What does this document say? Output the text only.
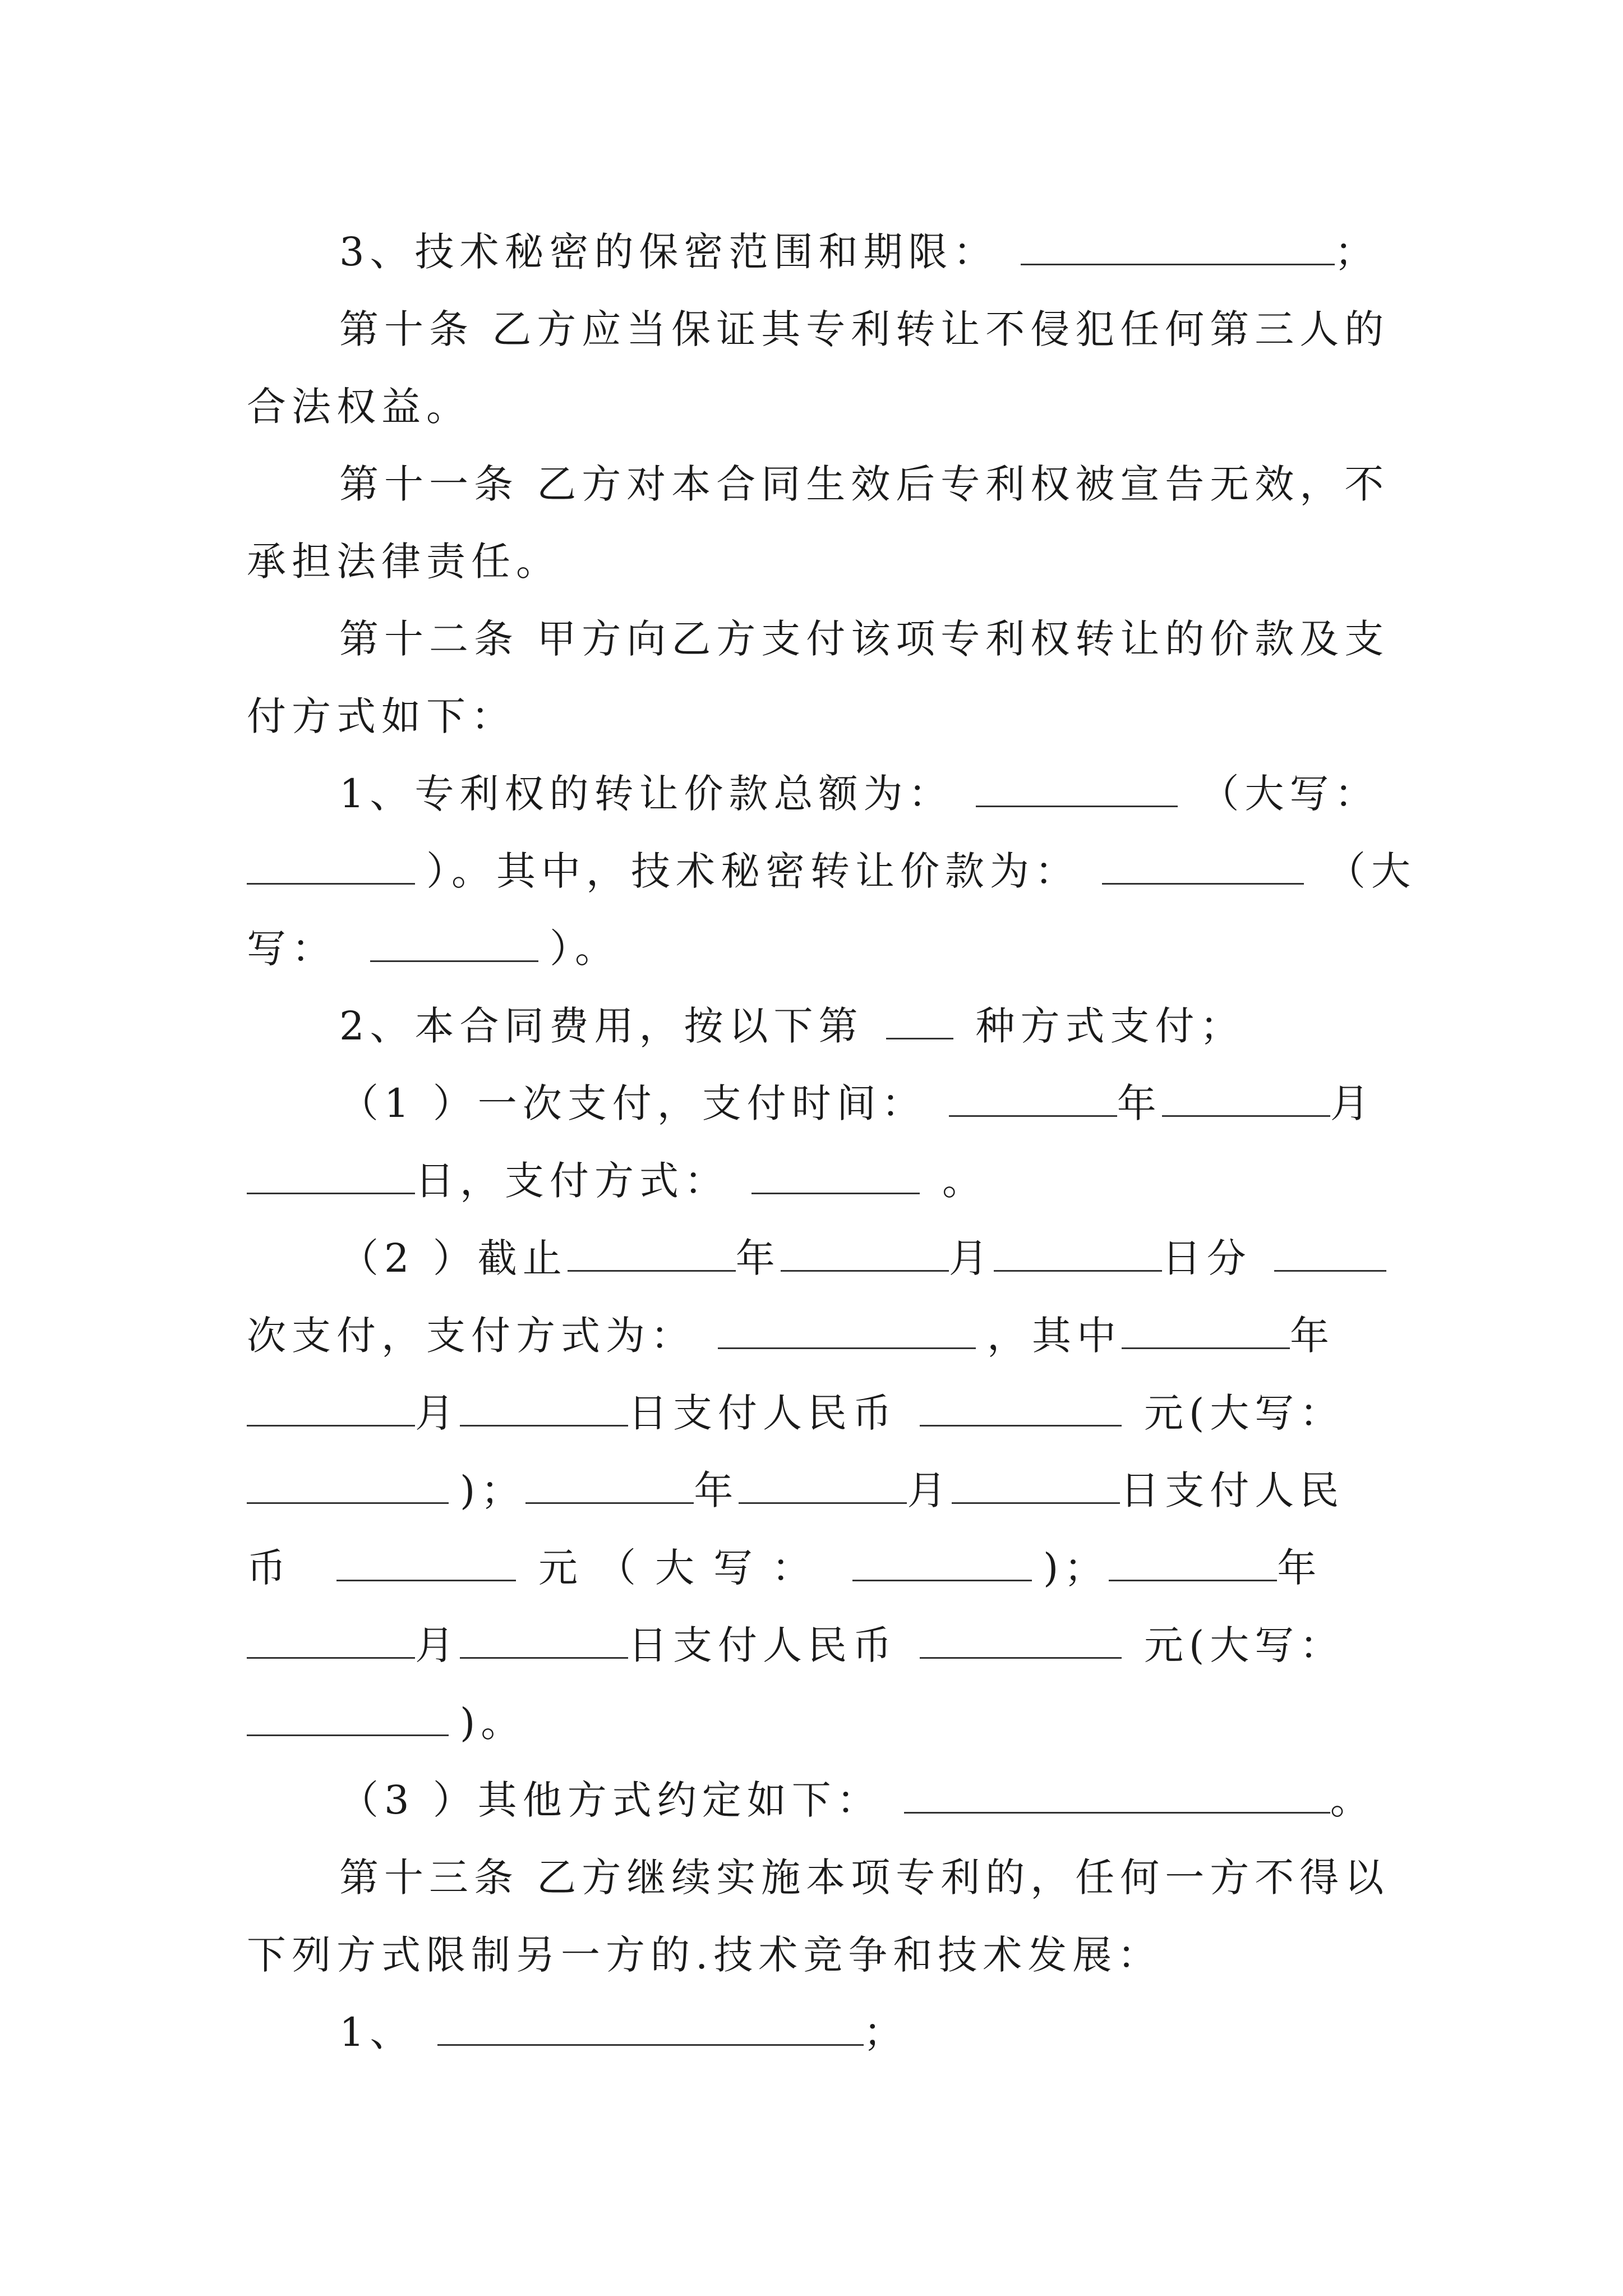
3、技术秘密的保密范围和期限：	；
第十条 乙方应当保证其专利转让不侵犯任何第三人的
合法权益。
第十一条 乙方对本合同生效后专利权被宣告无效，不
承担法律责任。
第十二条 甲方向乙方支付该项专利权转让的价款及支
付方式如下：
1、专利权的转让价款总额为：	（大写：
）。其中，技术秘密转让价款为：	（大
写：	）。
2、本合同费用，按以下第	种方式支付；
（1 ）一次支付，支付时间：	年	月
日，支付方式：	。
（2 ）截止	年	月	日分
次支付，支付方式为：	，其中	年
月	日支付人民币	元(大写：
)；	年	月	日支付人民
币	元（大写：	)；	年
月	日支付人民币	元(大写：
)。
（3 ）其他方式约定如下：	。
第十三条 乙方继续实施本项专利的，任何一方不得以
下列方式限制另一方的.技术竞争和技术发展：
1、	；
